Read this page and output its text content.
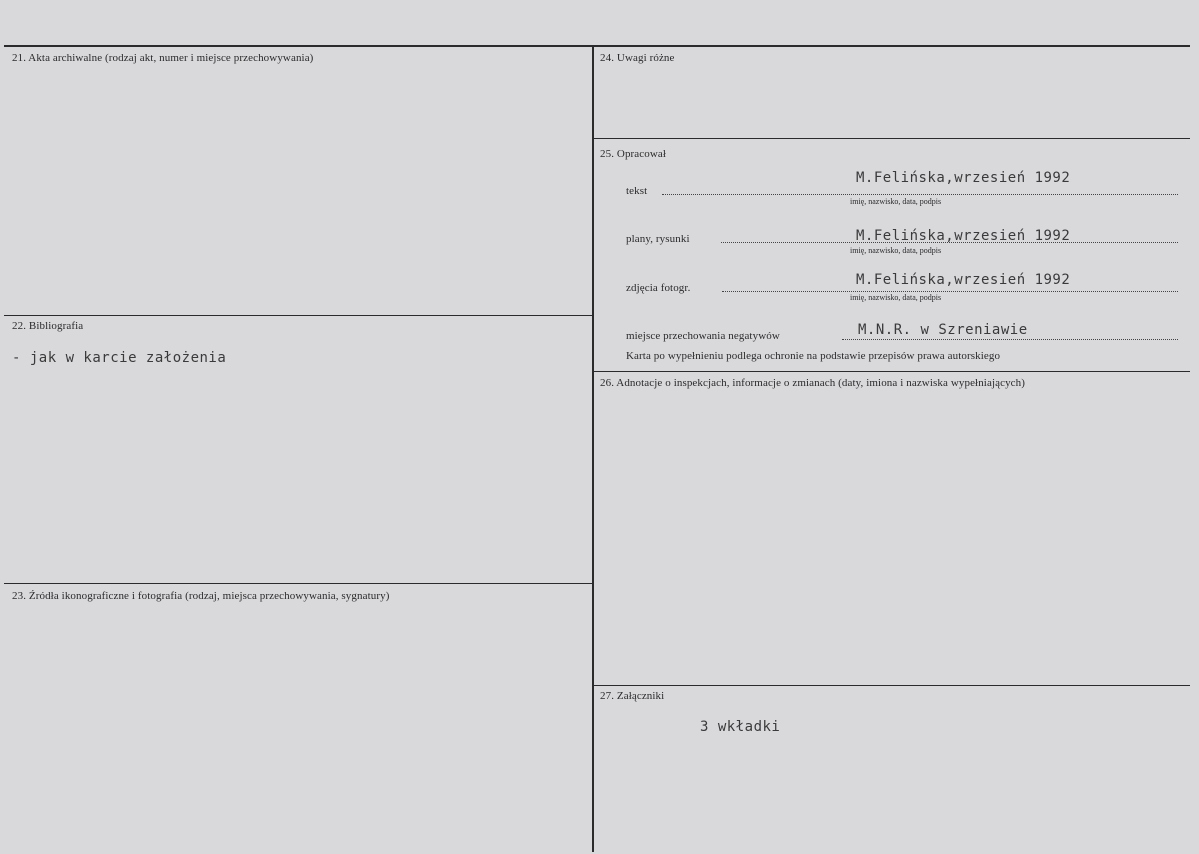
21. Akta archiwalne (rodzaj akt, numer i miejsce przechowywania)
22. Bibliografia
- jak w karcie założenia
23. Źródła ikonograficzne i fotografia (rodzaj, miejsca przechowywania, sygnatury)
24. Uwagi różne
25. Opracował
tekst
M.Felińska,wrzesień 1992
imię, nazwisko, data, podpis
plany, rysunki	M.Felińska,wrzesień 1992
imię, nazwisko, data, podpis
zdjęcia fotogr.	M.Felińska,wrzesień 1992
imię, nazwisko, data, podpis
miejsce przechowania negatywów	M.N.R. w Szreniawie
Karta po wypełnieniu podlega ochronie na podstawie przepisów prawa autorskiego
26. Adnotacje o inspekcjach, informacje o zmianach (daty, imiona i nazwiska wypełniających)
27. Załączniki
3 wkładki
